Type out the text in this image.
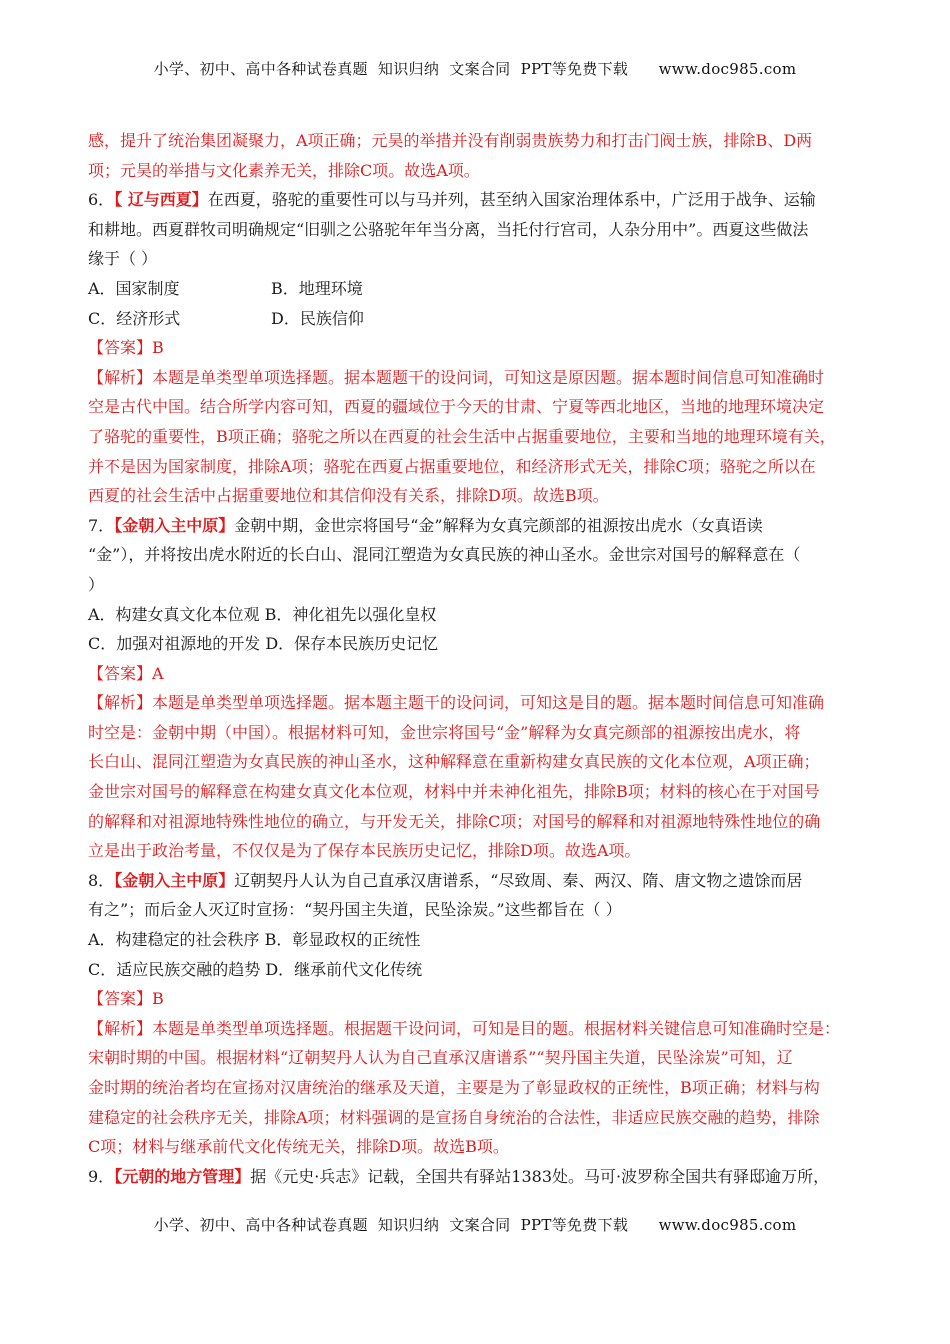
小学、初中、高中各种试卷真题  知识归纳  文案合同  PPT等免费下载      www.doc985.com
感，提升了统治集团凝聚力，A项正确；元昊的举措并没有削弱贵族势力和打击门阀士族，排除B、D两
项；元昊的举措与文化素养无关，排除C项。故选A项。
6．【 辽与西夏】在西夏，骆驼的重要性可以与马并列，甚至纳入国家治理体系中，广泛用于战争、运输
和耕地。西夏群牧司明确规定“旧驯之公骆驼年年当分离，当托付行宫司，人杂分用中”。西夏这些做法
缘于（ ）
A．国家制度	B．地理环境
C．经济形式	D．民族信仰
【答案】B
【解析】本题是单类型单项选择题。据本题题干的设问词，可知这是原因题。据本题时间信息可知准确时
空是古代中国。结合所学内容可知，西夏的疆域位于今天的甘肃、宁夏等西北地区，当地的地理环境决定
了骆驼的重要性，B项正确；骆驼之所以在西夏的社会生活中占据重要地位，主要和当地的地理环境有关，
并不是因为国家制度，排除A项；骆驼在西夏占据重要地位，和经济形式无关，排除C项；骆驼之所以在
西夏的社会生活中占据重要地位和其信仰没有关系，排除D项。故选B项。
7．【金朝入主中原】金朝中期，金世宗将国号“金”解释为女真完颜部的祖源按出虎水（女真语读
“金”），并将按出虎水附近的长白山、混同江塑造为女真民族的神山圣水。金世宗对国号的解释意在（
）
A．构建女真文化本位观 B．神化祖先以强化皇权
C．加强对祖源地的开发 D．保存本民族历史记忆
【答案】A
【解析】本题是单类型单项选择题。据本题主题干的设问词，可知这是目的题。据本题时间信息可知准确
时空是：金朝中期（中国）。根据材料可知，金世宗将国号“金”解释为女真完颜部的祖源按出虎水，将
长白山、混同江塑造为女真民族的神山圣水，这种解释意在重新构建女真民族的文化本位观，A项正确；
金世宗对国号的解释意在构建女真文化本位观，材料中并未神化祖先，排除B项；材料的核心在于对国号
的解释和对祖源地特殊性地位的确立，与开发无关，排除C项；对国号的解释和对祖源地特殊性地位的确
立是出于政治考量，不仅仅是为了保存本民族历史记忆，排除D项。故选A项。
8．【金朝入主中原】辽朝契丹人认为自己直承汉唐谱系，“尽致周、秦、两汉、隋、唐文物之遗馀而居
有之”；而后金人灭辽时宣扬：“契丹国主失道，民坠涂炭。”这些都旨在（ ）
A．构建稳定的社会秩序 B．彰显政权的正统性
C．适应民族交融的趋势 D．继承前代文化传统
【答案】B
【解析】本题是单类型单项选择题。根据题干设问词，可知是目的题。根据材料关键信息可知准确时空是：
宋朝时期的中国。根据材料“辽朝契丹人认为自己直承汉唐谱系”“契丹国主失道，民坠涂炭”可知，辽
金时期的统治者均在宣扬对汉唐统治的继承及天道，主要是为了彰显政权的正统性，B项正确；材料与构
建稳定的社会秩序无关，排除A项；材料强调的是宣扬自身统治的合法性，非适应民族交融的趋势，排除
C项；材料与继承前代文化传统无关，排除D项。故选B项。
9．【元朝的地方管理】据《元史·兵志》记载，全国共有驿站1383处。马可·波罗称全国共有驿邸逾万所，
小学、初中、高中各种试卷真题  知识归纳  文案合同  PPT等免费下载      www.doc985.com
